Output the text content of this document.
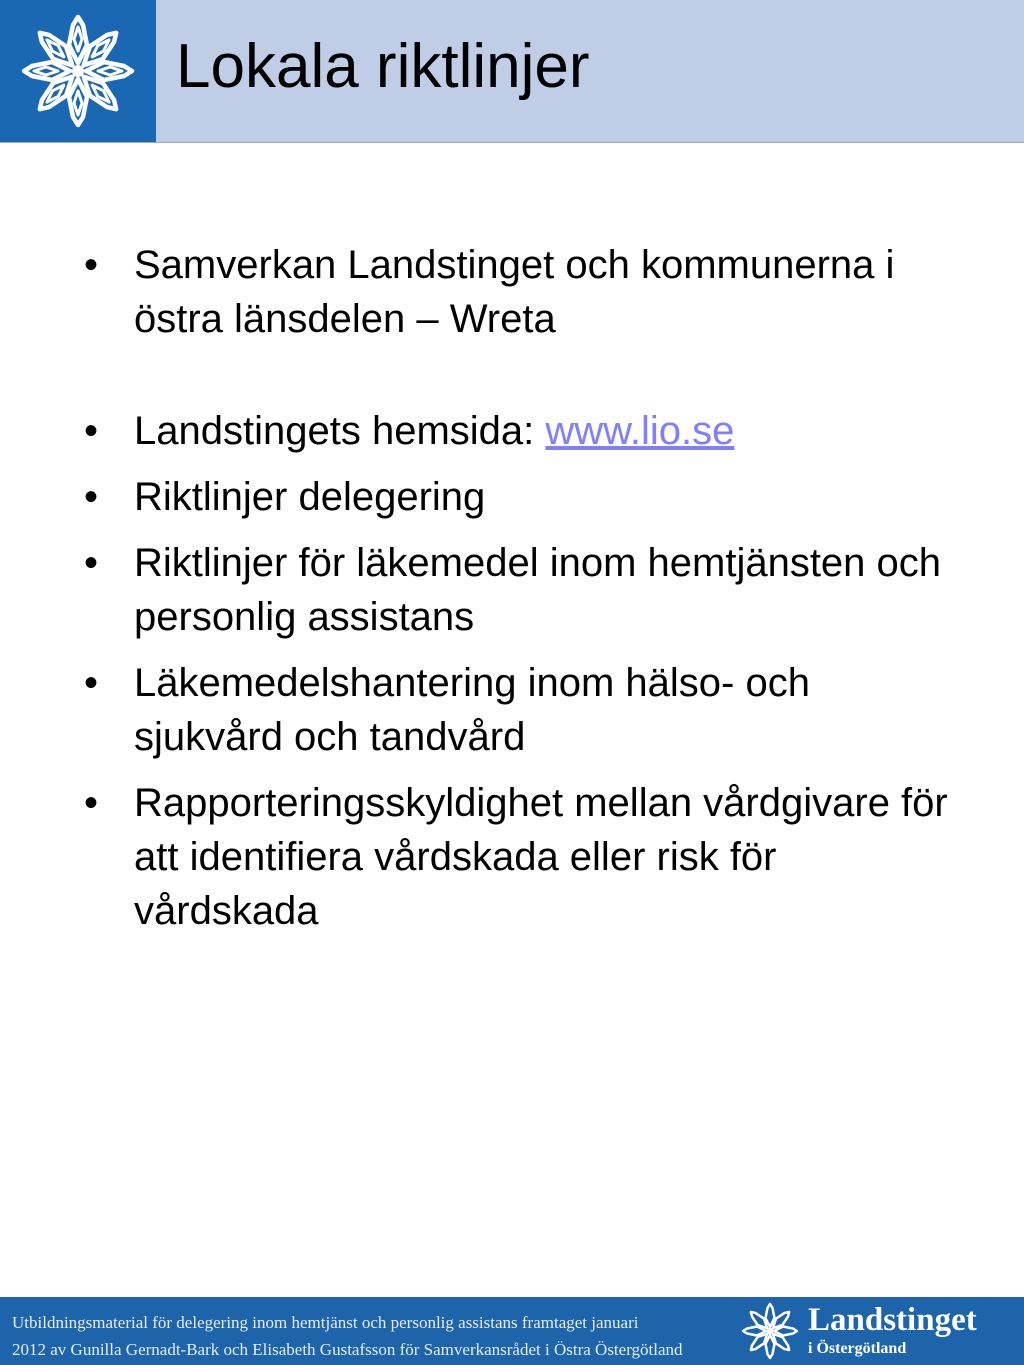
Lokala riktlinjer
• Samverkan Landstinget och kommunerna i östra länsdelen – Wreta
• Landstingets hemsida: www.lio.se
• Riktlinjer delegering
• Riktlinjer för läkemedel inom hemtjänsten och personlig assistans
• Läkemedelshantering inom hälso- och sjukvård och tandvård
• Rapporteringsskyldighet mellan vårdgivare för att identifiera vårdskada eller risk för vårdskada
Utbildningsmaterial för delegering inom hemtjänst och personlig assistans framtaget januari
2012 av Gunilla Gernadt-Bark och Elisabeth Gustafsson för Samverkansrådet i Östra Östergötland
Landstinget
i Östergötland
